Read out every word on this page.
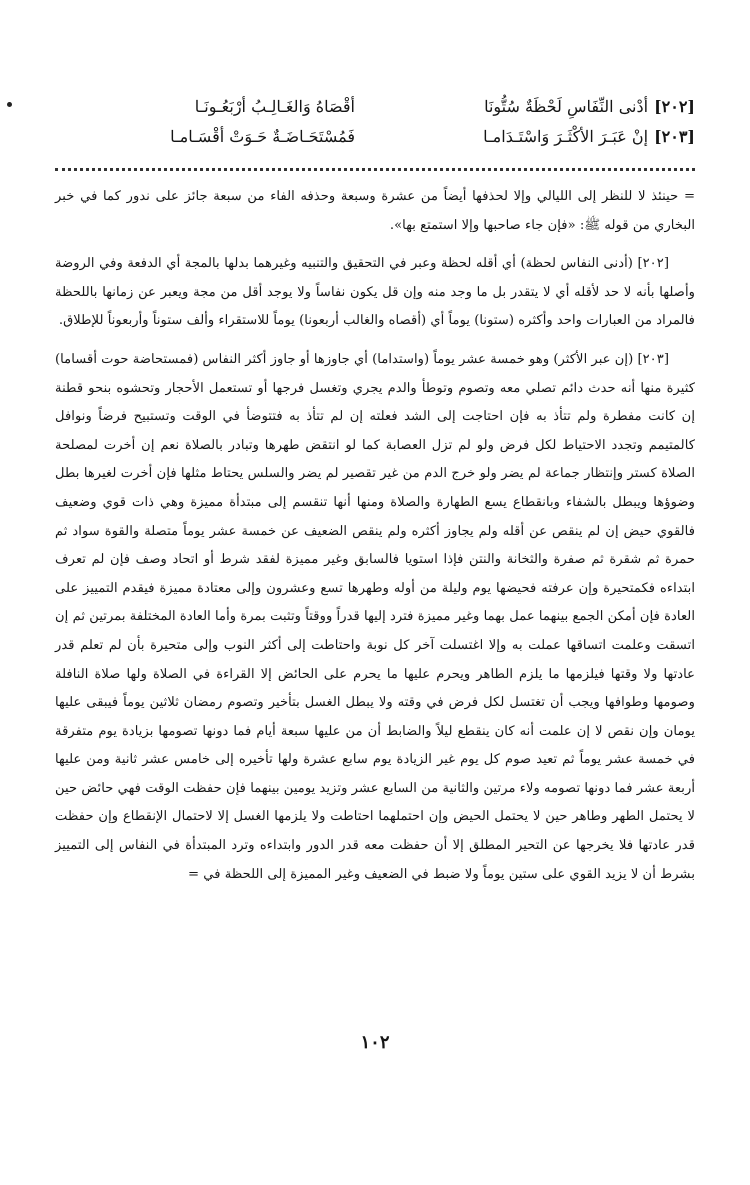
[٢٠٢]أدْنى النِّفَاسِ لَحْظَةٌ سُتُّونَا
أقْصَاهُ وَالغَـالِـبُ أرْبَعُـونَـا
[٢٠٣]إنْ عَبَـرَ الأكْثَـرَ وَاسْتَـدَامـا
فَمُسْتَحَـاضَـةٌ حَـوَتْ أقْسَـامـا

= حينئذ لا للنظر إلى الليالي وإلا لحذفها أيضاً من عشرة وسبعة وحذفه الفاء من سبعة جائز على ندور كما في خبر البخاري من قوله ﷺ: «فإن جاء صاحبها وإلا استمتع بها».

[٢٠٢] (أدنى النفاس لحظة) أي أقله لحظة وعبر في التحقيق والتنبيه وغيرهما بدلها بالمجة أي الدفعة وفي الروضة وأصلها بأنه لا حد لأقله أي لا يتقدر بل ما وجد منه وإن قل يكون نفاساً ولا يوجد أقل من مجة ويعبر عن زمانها باللحظة فالمراد من العبارات واحد وأكثره (ستونا) يوماً أي (أقصاه والغالب أربعونا) يوماً للاستقراء وألف ستوناً وأربعوناً للإطلاق.

[٢٠٣] (إن عبر الأكثر) وهو خمسة عشر يوماً (واستداما) أي جاوزها أو جاوز أكثر النفاس (فمستحاضة حوت أقساما) كثيرة منها أنه حدث دائم تصلي معه وتصوم وتوطأ والدم يجري وتغسل فرجها أو تستعمل الأحجار وتحشوه بنحو قطنة إن كانت مفطرة ولم تتأذ به فإن احتاجت إلى الشد فعلته إن لم تتأذ به فتتوضأ في الوقت وتستبيح فرضاً ونوافل كالمتيمم وتجدد الاحتياط لكل فرض ولو لم تزل العصابة كما لو انتقض طهرها وتبادر بالصلاة نعم إن أخرت لمصلحة الصلاة كستر وإنتظار جماعة لم يضر ولو خرج الدم من غير تقصير لم يضر والسلس يحتاط مثلها فإن أخرت لغيرها بطل وضوؤها ويبطل بالشفاء وبانقطاع يسع الطهارة والصلاة ومنها أنها تنقسم إلى مبتدأة مميزة وهي ذات قوي وضعيف فالقوي حيض إن لم ينقص عن أقله ولم يجاوز أكثره ولم ينقص الضعيف عن خمسة عشر يوماً متصلة والقوة سواد ثم حمرة ثم شقرة ثم صفرة والثخانة والنتن فإذا استويا فالسابق وغير مميزة لفقد شرط أو اتحاد وصف فإن لم تعرف ابتداءه فكمتحيرة وإن عرفته فحيضها يوم وليلة من أوله وطهرها تسع وعشرون وإلى معتادة مميزة فيقدم التمييز على العادة فإن أمكن الجمع بينهما عمل بهما وغير مميزة فترد إليها قدراً ووقتاً وتثبت بمرة وأما العادة المختلفة بمرتين ثم إن اتسقت وعلمت اتساقها عملت به وإلا اغتسلت آخر كل نوبة واحتاطت إلى أكثر النوب وإلى متحيرة بأن لم تعلم قدر عادتها ولا وقتها فيلزمها ما يلزم الطاهر ويحرم عليها ما يحرم على الحائض إلا القراءة في الصلاة ولها صلاة النافلة وصومها وطوافها ويجب أن تغتسل لكل فرض في وقته ولا يبطل الغسل بتأخير وتصوم رمضان ثلاثين يوماً فيبقى عليها يومان وإن نقص لا إن علمت أنه كان ينقطع ليلاً والضابط أن من عليها سبعة أيام فما دونها تصومها بزيادة يوم متفرقة في خمسة عشر يوماً ثم تعيد صوم كل يوم غير الزيادة يوم سابع عشرة ولها تأخيره إلى خامس عشر ثانية ومن عليها أربعة عشر فما دونها تصومه ولاء مرتين والثانية من السابع عشر وتزيد يومين بينهما فإن حفظت الوقت فهي حائض حين لا يحتمل الطهر وطاهر حين لا يحتمل الحيض وإن احتملهما احتاطت ولا يلزمها الغسل إلا لاحتمال الإنقطاع وإن حفظت قدر عادتها فلا يخرجها عن التحير المطلق إلا أن حفظت معه قدر الدور وابتداءه وترد المبتدأة في النفاس إلى التمييز بشرط أن لا يزيد القوي على ستين يوماً ولا ضبط في الضعيف وغير المميزة إلى اللحظة في =

١٠٢
